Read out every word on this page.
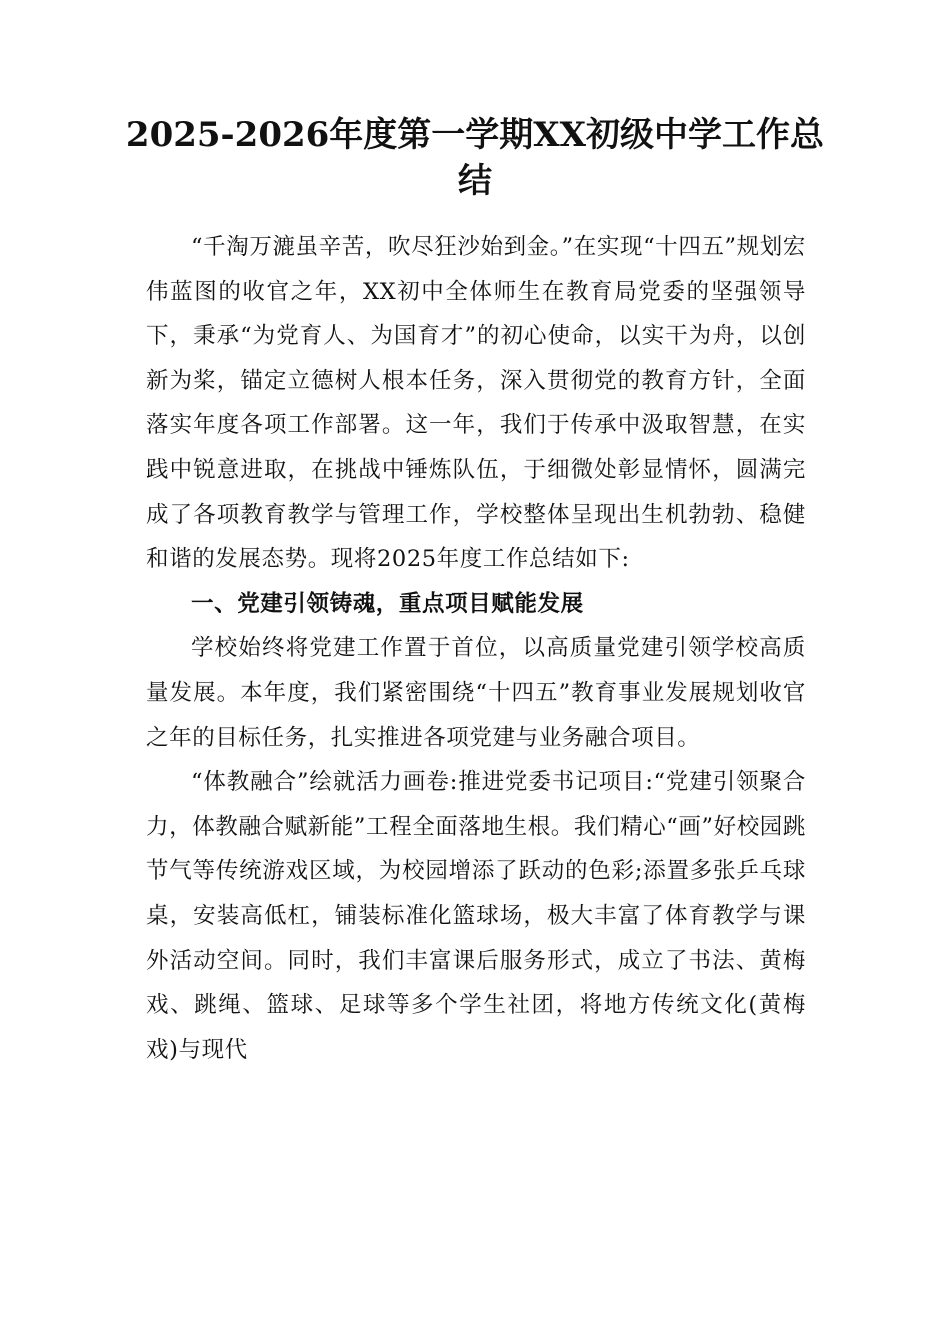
2025-2026年度第一学期XX初级中学工作总结

“千淘万漉虽辛苦，吹尽狂沙始到金。”在实现“十四五”规划宏伟蓝图的收官之年，XX初中全体师生在教育局党委的坚强领导下，秉承“为党育人、为国育才”的初心使命，以实干为舟，以创新为桨，锚定立德树人根本任务，深入贯彻党的教育方针，全面落实年度各项工作部署。这一年，我们于传承中汲取智慧，在实践中锐意进取，在挑战中锤炼队伍，于细微处彰显情怀，圆满完成了各项教育教学与管理工作，学校整体呈现出生机勃勃、稳健和谐的发展态势。现将2025年度工作总结如下:

一、党建引领铸魂，重点项目赋能发展

学校始终将党建工作置于首位，以高质量党建引领学校高质量发展。本年度，我们紧密围绕“十四五”教育事业发展规划收官之年的目标任务，扎实推进各项党建与业务融合项目。

“体教融合”绘就活力画卷:推进党委书记项目:“党建引领聚合力，体教融合赋新能”工程全面落地生根。我们精心“画”好校园跳节气等传统游戏区域，为校园增添了跃动的色彩;添置多张乒乓球桌，安装高低杠，铺装标准化篮球场，极大丰富了体育教学与课外活动空间。同时，我们丰富课后服务形式，成立了书法、黄梅戏、跳绳、篮球、足球等多个学生社团，将地方传统文化(黄梅戏)与现代
